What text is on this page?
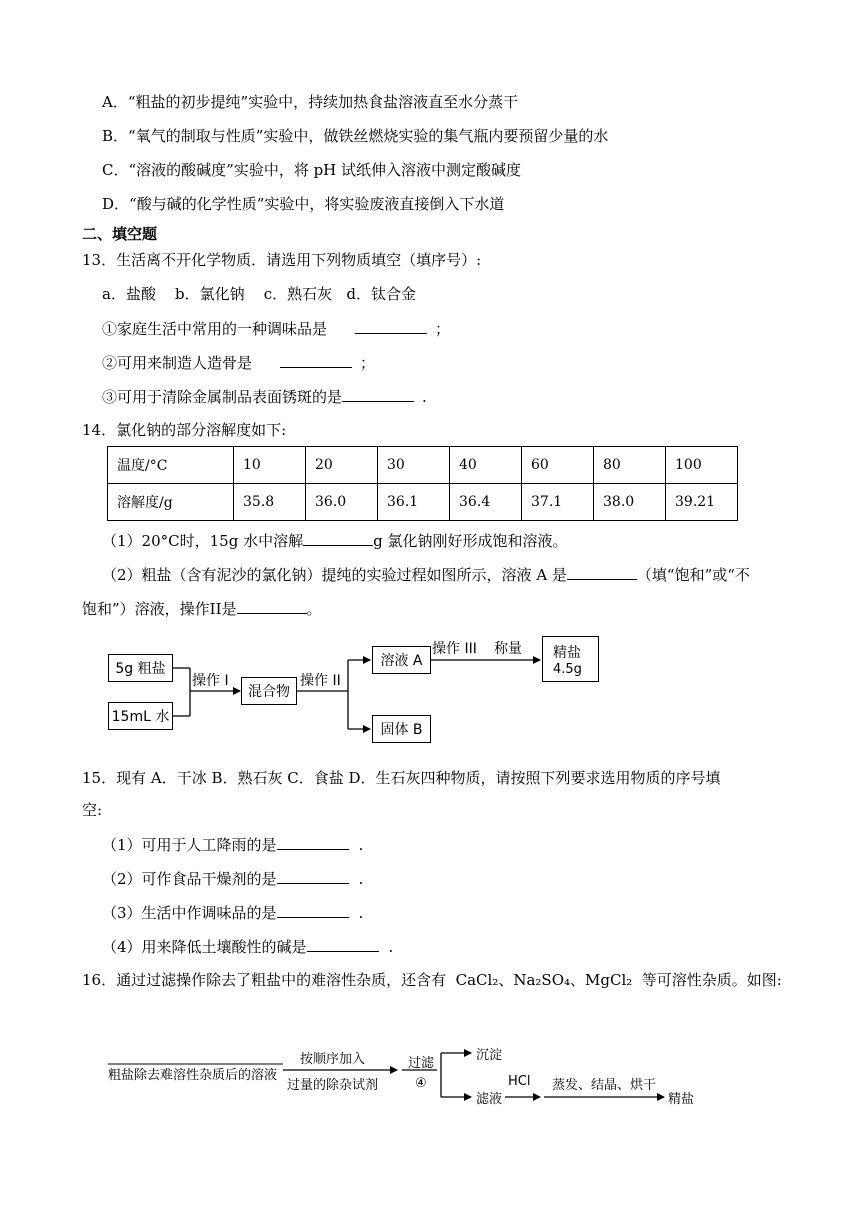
A．“粗盐的初步提纯”实验中，持续加热食盐溶液直至水分蒸干
B．“氧气的制取与性质”实验中，做铁丝燃烧实验的集气瓶内要预留少量的水
C．“溶液的酸碱度”实验中，将 pH 试纸伸入溶液中测定酸碱度
D．“酸与碱的化学性质”实验中，将实验废液直接倒入下水道
二、填空题
13．生活离不开化学物质．请选用下列物质填空（填序号）:
a．盐酸    b．氯化钠    c．熟石灰   d．钛合金
①家庭生活中常用的一种调味品是	；
②可用来制造人造骨是	；
③可用于清除金属制品表面锈斑的是	.
14．氯化钠的部分溶解度如下:
温度/°C	10	20	30	40	60	80	100
溶解度/g	35.8	36.0	36.1	36.4	37.1	38.0	39.21
（1）20°C时，15g 水中溶解	g 氯化钠刚好形成饱和溶液。
（2）粗盐（含有泥沙的氯化钠）提纯的实验过程如图所示，溶液 A 是	（填“饱和”或“不
饱和”）溶液，操作II是	。
5g 粗盐
15mL 水
操作 I
混合物
操作 II
溶液 A
操作 III 称量 精盐
4.5g
固体 B
15．现有 A．干冰 B．熟石灰 C．食盐 D．生石灰四种物质，请按照下列要求选用物质的序号填
空:
（1）可用于人工降雨的是	.
（2）可作食品干燥剂的是	.
（3）生活中作调味品的是	.
（4）用来降低土壤酸性的碱是	.
16．通过过滤操作除去了粗盐中的难溶性杂质，还含有  CaCl₂、Na₂SO₄、MgCl₂  等可溶性杂质。如图:
粗盐除去难溶性杂质后的溶液
按顺序加入
过量的除杂试剂
过滤
④
沉淀
滤液
HCl 蒸发、结晶、烘干
精盐
